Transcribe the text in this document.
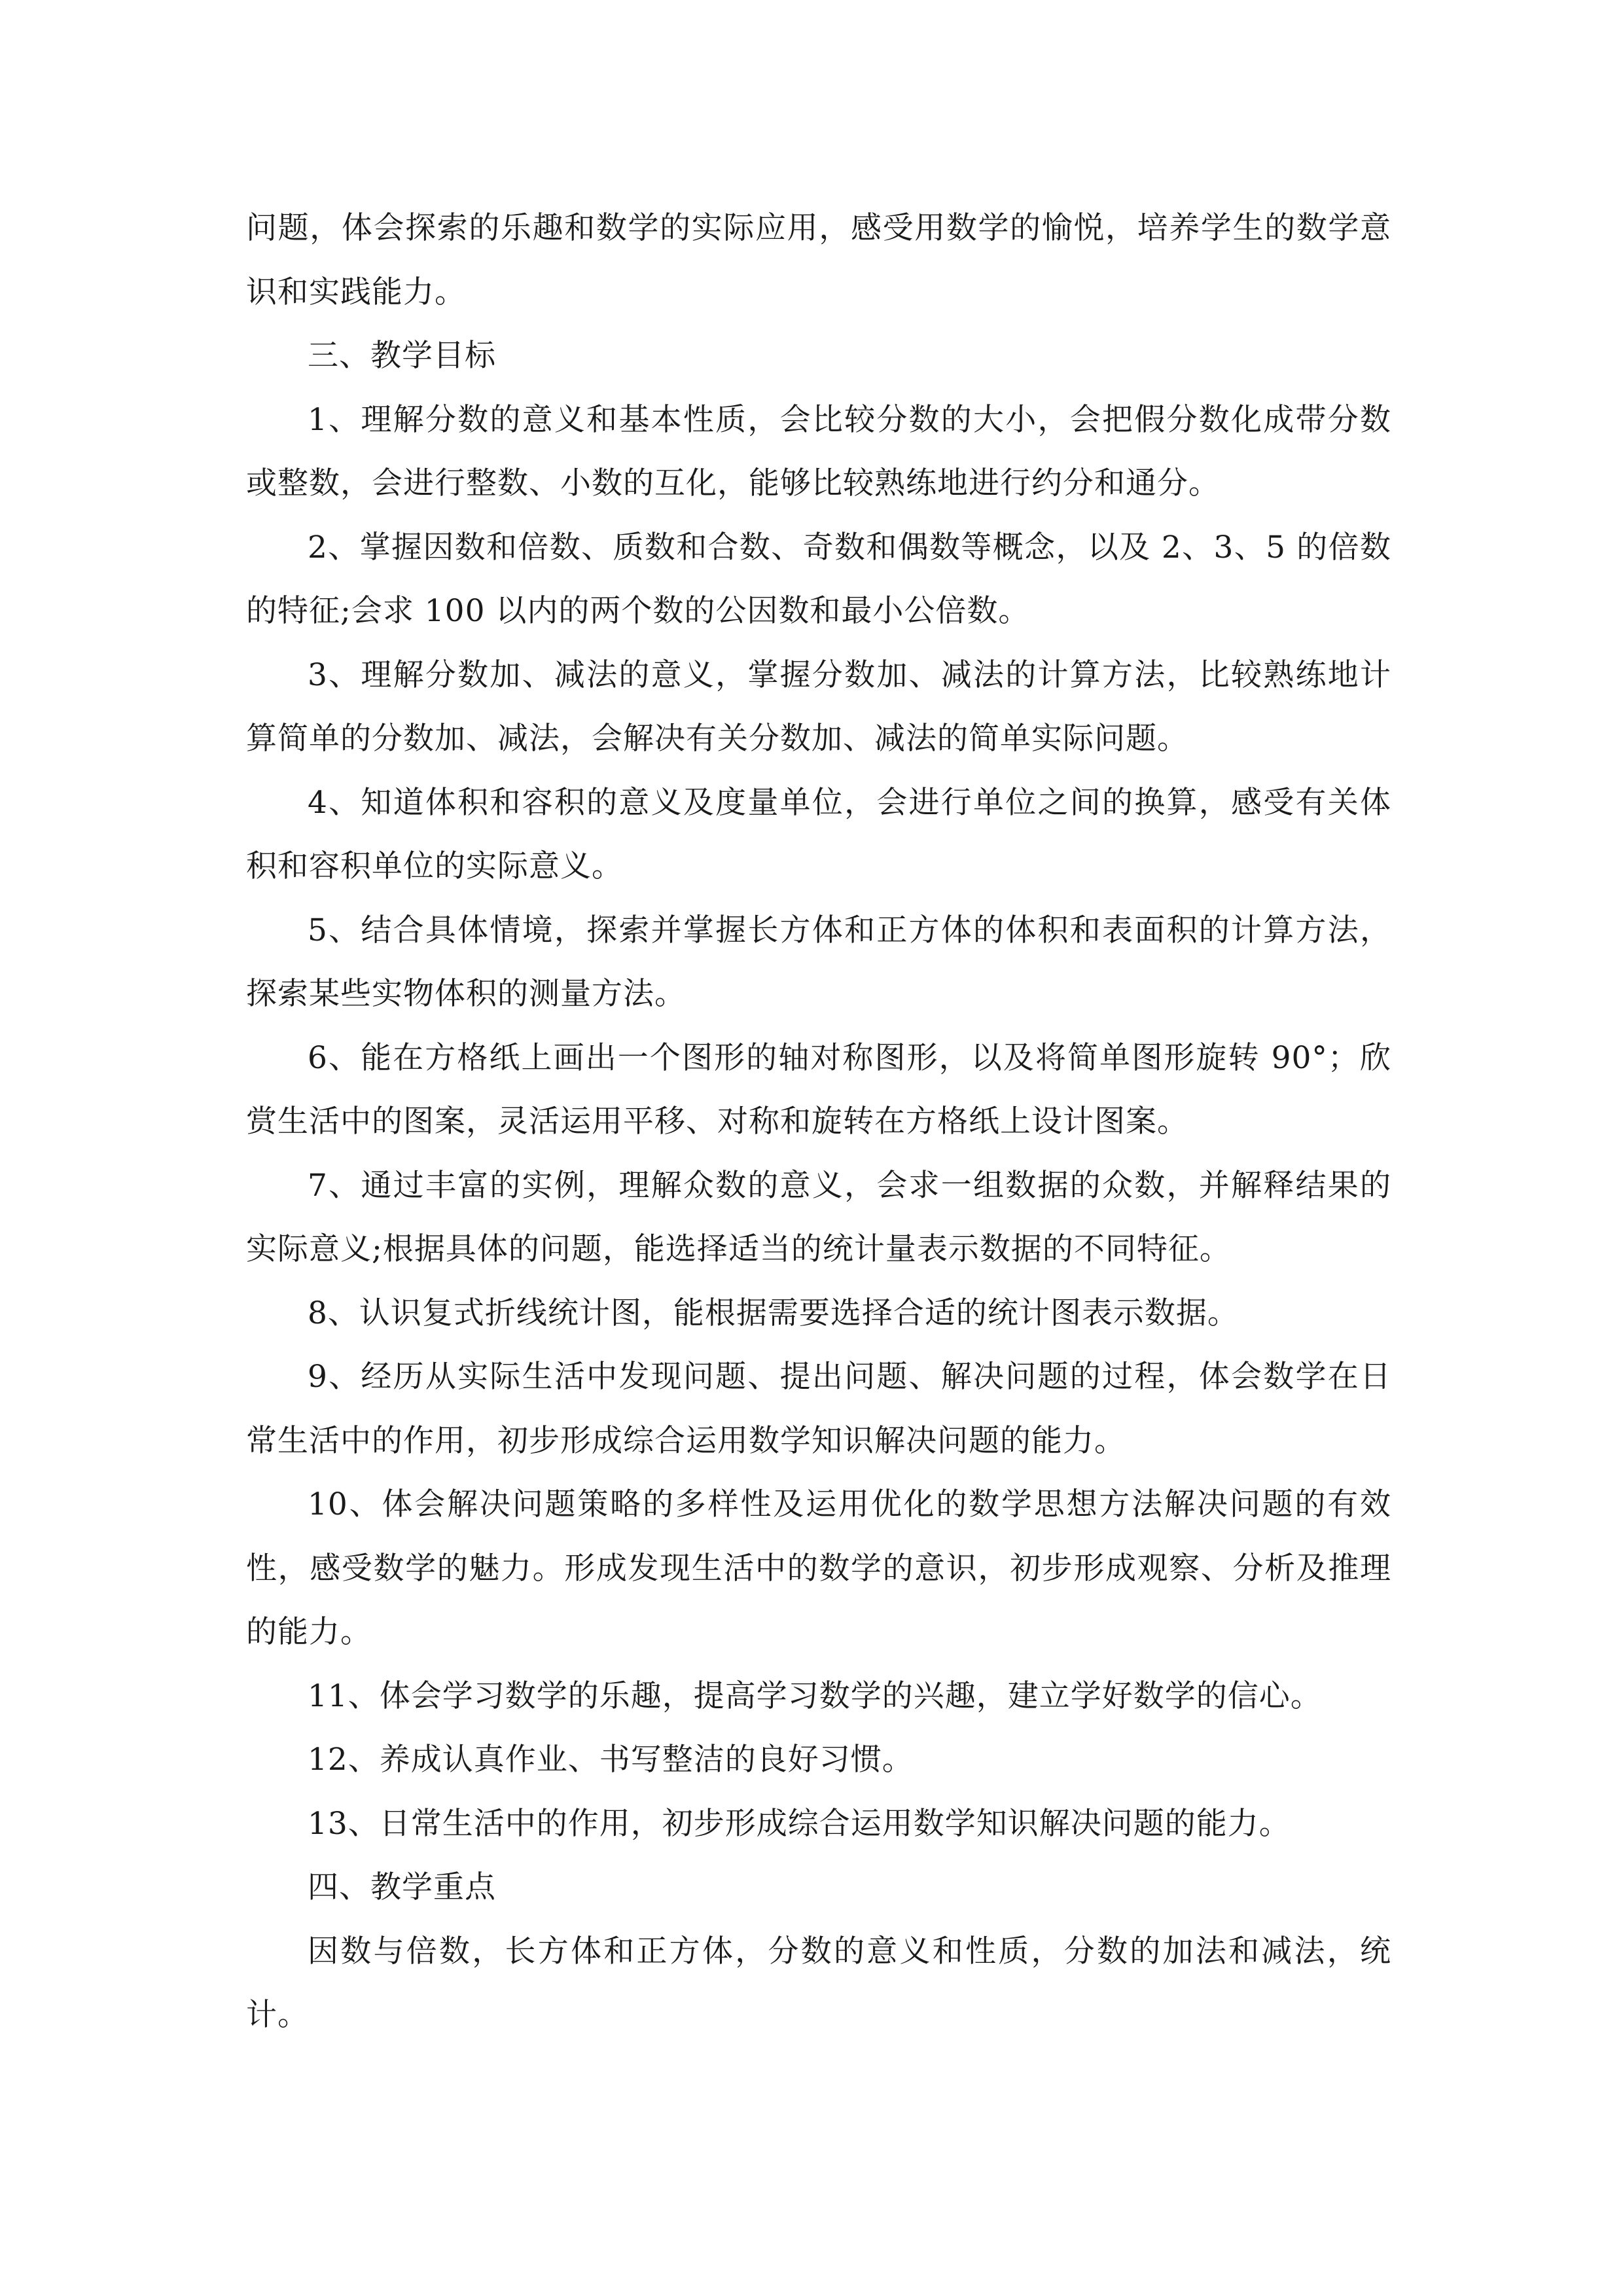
问题，体会探索的乐趣和数学的实际应用，感受用数学的愉悦，培养学生的数学意识和实践能力。

三、教学目标

1、理解分数的意义和基本性质，会比较分数的大小，会把假分数化成带分数或整数，会进行整数、小数的互化，能够比较熟练地进行约分和通分。

2、掌握因数和倍数、质数和合数、奇数和偶数等概念，以及 2、3、5 的倍数的特征;会求 100 以内的两个数的公因数和最小公倍数。

3、理解分数加、减法的意义，掌握分数加、减法的计算方法，比较熟练地计算简单的分数加、减法，会解决有关分数加、减法的简单实际问题。

4、知道体积和容积的意义及度量单位，会进行单位之间的换算，感受有关体积和容积单位的实际意义。

5、结合具体情境，探索并掌握长方体和正方体的体积和表面积的计算方法，探索某些实物体积的测量方法。

6、能在方格纸上画出一个图形的轴对称图形，以及将简单图形旋转 90°；欣赏生活中的图案，灵活运用平移、对称和旋转在方格纸上设计图案。

7、通过丰富的实例，理解众数的意义，会求一组数据的众数，并解释结果的实际意义;根据具体的问题，能选择适当的统计量表示数据的不同特征。

8、认识复式折线统计图，能根据需要选择合适的统计图表示数据。

9、经历从实际生活中发现问题、提出问题、解决问题的过程，体会数学在日常生活中的作用，初步形成综合运用数学知识解决问题的能力。

10、体会解决问题策略的多样性及运用优化的数学思想方法解决问题的有效性，感受数学的魅力。形成发现生活中的数学的意识，初步形成观察、分析及推理的能力。

11、体会学习数学的乐趣，提高学习数学的兴趣，建立学好数学的信心。

12、养成认真作业、书写整洁的良好习惯。

13、日常生活中的作用，初步形成综合运用数学知识解决问题的能力。

四、教学重点

因数与倍数，长方体和正方体，分数的意义和性质，分数的加法和减法，统计。
